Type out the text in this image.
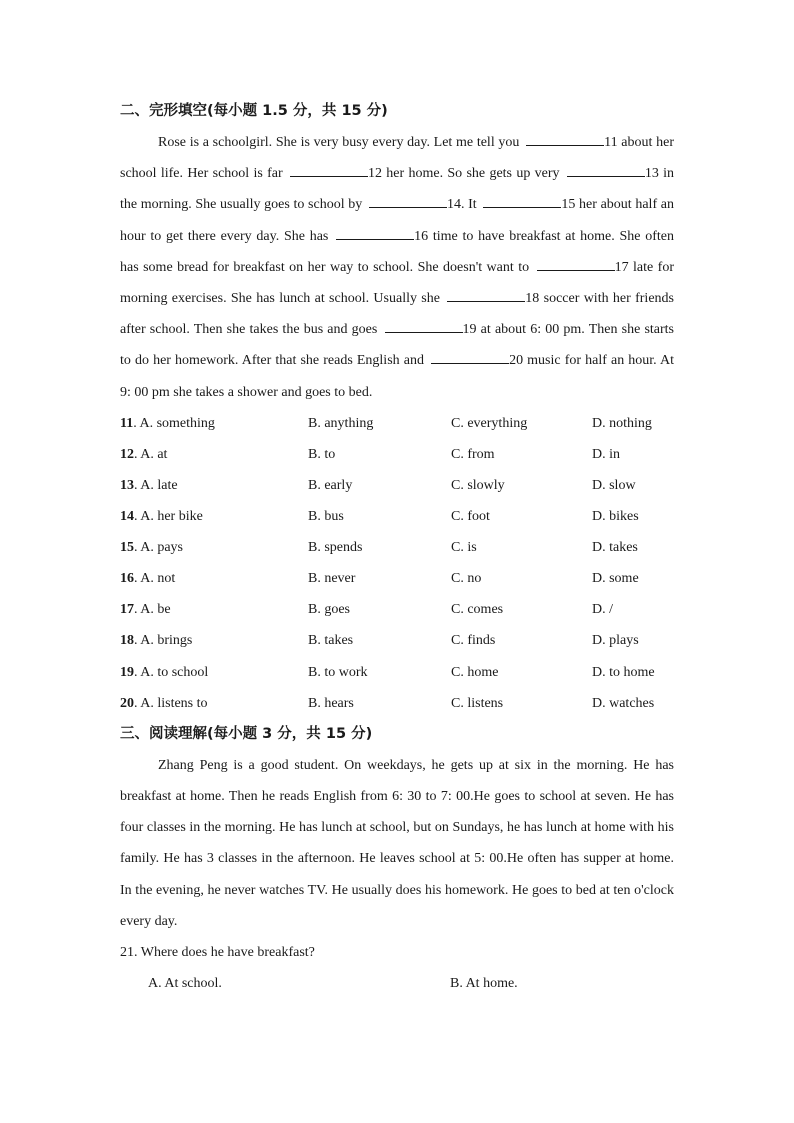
二、完形填空(每小题 1.5 分，共 15 分)
Rose is a schoolgirl. She is very busy every day. Let me tell you	11 about her school life. Her school is far	12 her home. So she gets up very	13 in the morning. She usually goes to school by	14. It	15 her about half an hour to get there every day. She has	16 time to have breakfast at home. She often has some bread for breakfast on her way to school. She doesn't want to	17 late for morning exercises. She has lunch at school. Usually she	18 soccer with her friends after school. Then she takes the bus and goes	19 at about 6: 00 pm. Then she starts to do her homework. After that she reads English and	20 music for half an hour. At 9: 00 pm she takes a shower and goes to bed.
11. A. something	B. anything	C. everything	D. nothing
12. A. at	B. to	C. from	D. in
13. A. late	B. early	C. slowly	D. slow
14. A. her bike	B. bus	C. foot	D. bikes
15. A. pays	B. spends	C. is	D. takes
16. A. not	B. never	C. no	D. some
17. A. be	B. goes	C. comes	D. /
18. A. brings	B. takes	C. finds	D. plays
19. A. to school	B. to work	C. home	D. to home
20. A. listens to	B. hears	C. listens	D. watches
三、阅读理解(每小题 3 分，共 15 分)
Zhang Peng is a good student. On weekdays, he gets up at six in the morning. He has breakfast at home. Then he reads English from 6: 30 to 7: 00.He goes to school at seven. He has four classes in the morning. He has lunch at school, but on Sundays, he has lunch at home with his family. He has 3 classes in the afternoon. He leaves school at 5: 00.He often has supper at home. In the evening, he never watches TV. He usually does his homework. He goes to bed at ten o'clock every day.
21. Where does he have breakfast?
A. At school.	B. At home.
